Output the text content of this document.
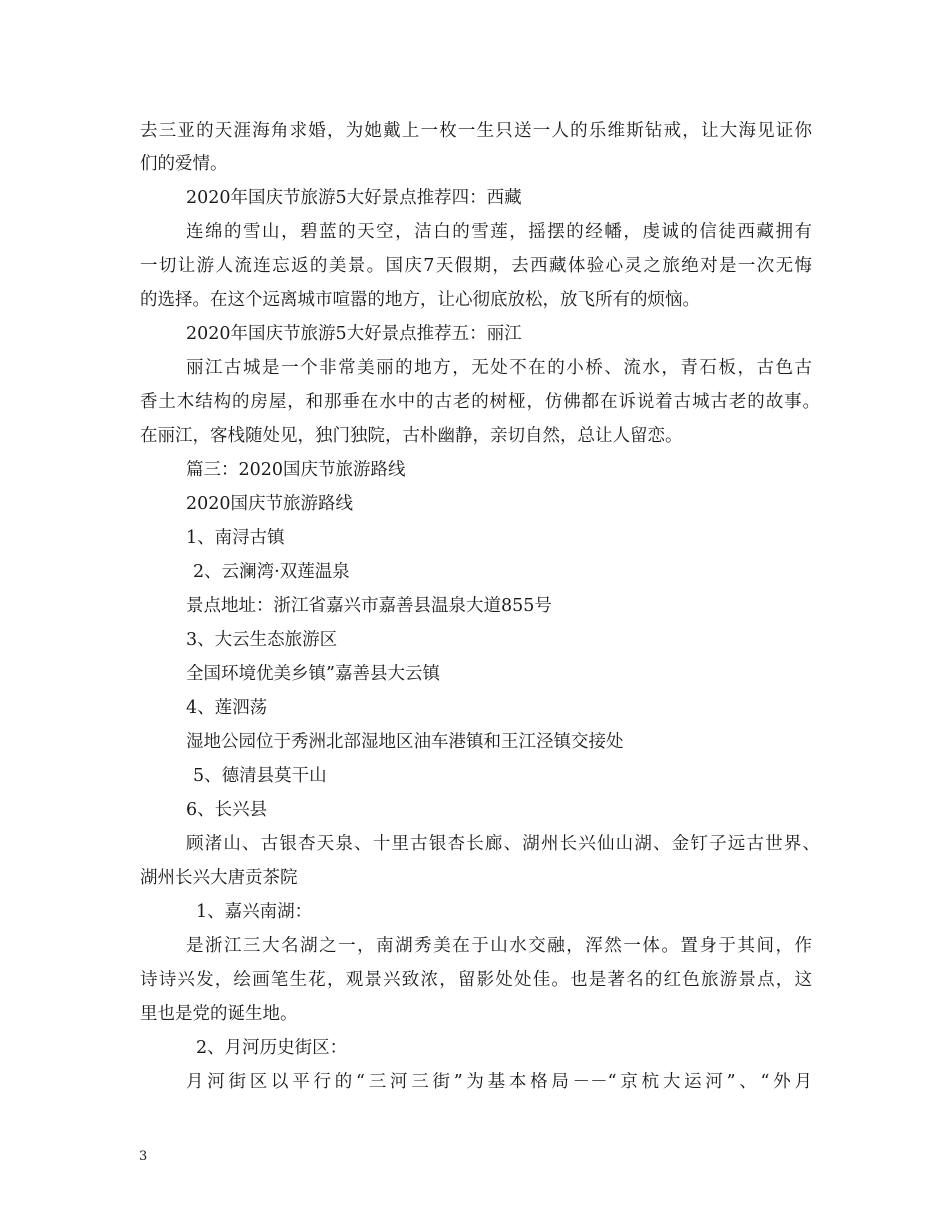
去三亚的天涯海角求婚，为她戴上一枚一生只送一人的乐维斯钻戒，让大海见证你
们的爱情。
2020年国庆节旅游5大好景点推荐四：西藏
连绵的雪山，碧蓝的天空，洁白的雪莲，摇摆的经幡，虔诚的信徒西藏拥有
一切让游人流连忘返的美景。国庆7天假期，去西藏体验心灵之旅绝对是一次无悔
的选择。在这个远离城市喧嚣的地方，让心彻底放松，放飞所有的烦恼。
2020年国庆节旅游5大好景点推荐五：丽江
丽江古城是一个非常美丽的地方，无处不在的小桥、流水，青石板，古色古
香土木结构的房屋，和那垂在水中的古老的树桠，仿佛都在诉说着古城古老的故事。
在丽江，客栈随处见，独门独院，古朴幽静，亲切自然，总让人留恋。
篇三：2020国庆节旅游路线
2020国庆节旅游路线
1、南浔古镇
2、云澜湾·双莲温泉
景点地址：浙江省嘉兴市嘉善县温泉大道855号
3、大云生态旅游区
全国环境优美乡镇”嘉善县大云镇
4、莲泗荡
湿地公园位于秀洲北部湿地区油车港镇和王江泾镇交接处
5、德清县莫干山
6、长兴县
顾渚山、古银杏天泉、十里古银杏长廊、湖州长兴仙山湖、金钉子远古世界、
湖州长兴大唐贡茶院
1、嘉兴南湖：
是浙江三大名湖之一，南湖秀美在于山水交融，浑然一体。置身于其间，作
诗诗兴发，绘画笔生花，观景兴致浓，留影处处佳。也是著名的红色旅游景点，这
里也是党的诞生地。
2、月河历史街区：
月河街区以平行的“三河三街”为基本格局－－“京杭大运河”、“外月
3
